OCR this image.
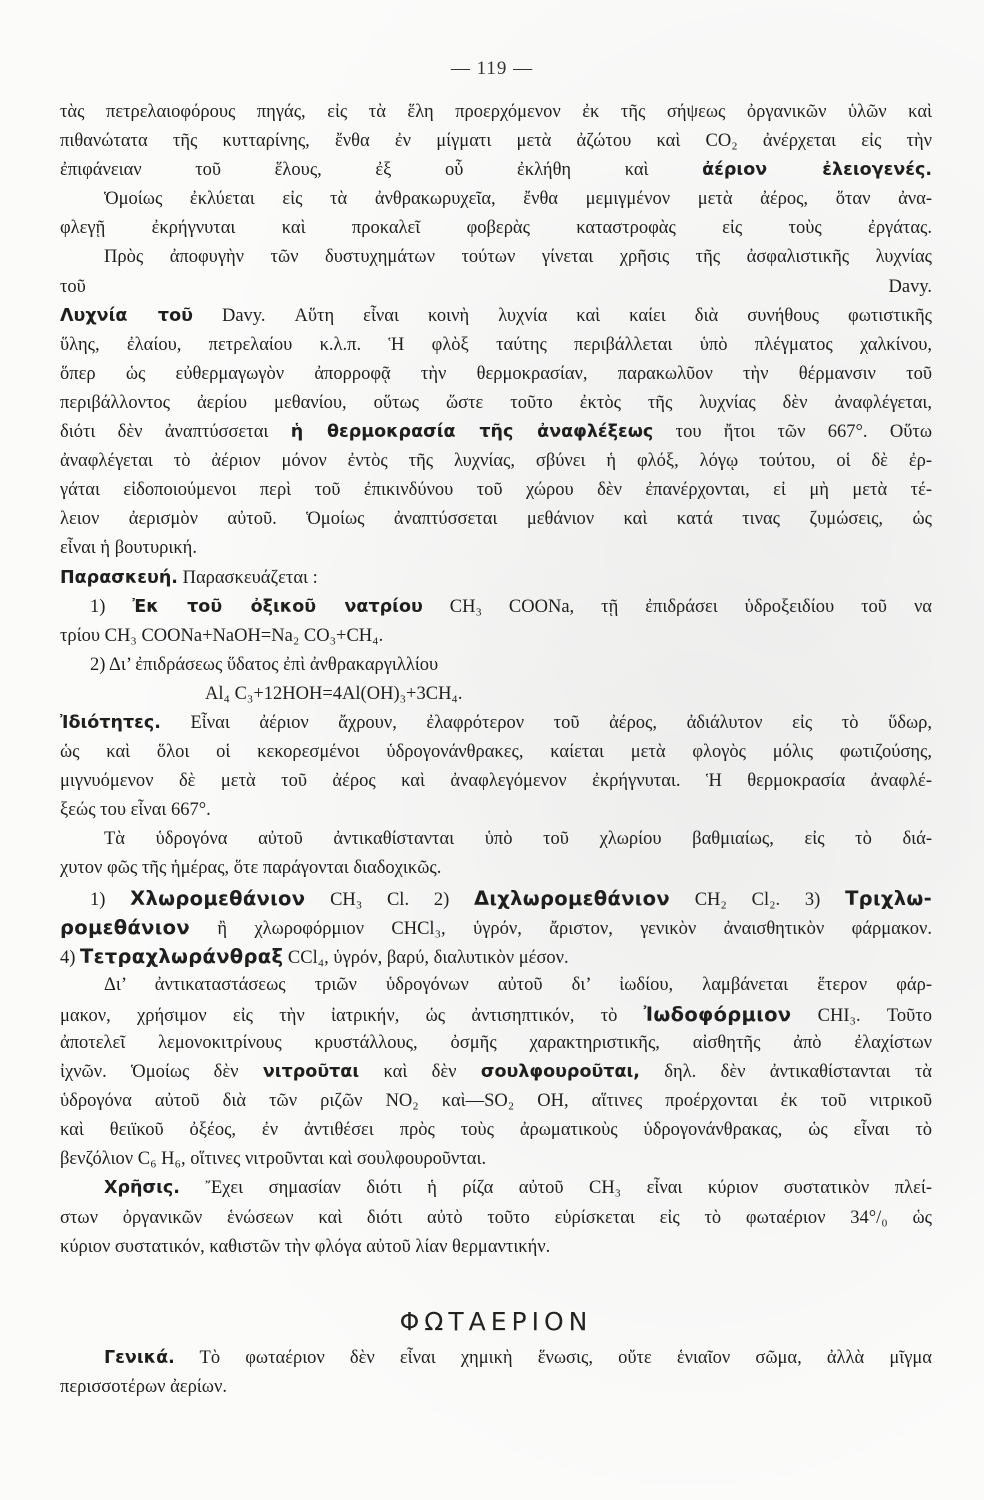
— 119 —
τὰς πετρελαιοφόρους πηγάς, εἰς τὰ ἕλη προερχόμενον ἐκ τῆς σήψεως ὀργανικῶν ὑλῶν καὶ
πιθανώτατα τῆς κυτταρίνης, ἔνθα ἐν μίγματι μετὰ ἀζώτου καὶ CO₂ ἀνέρχεται εἰς τὴν
ἐπιφάνειαν τοῦ ἕλους, ἐξ οὗ ἐκλήθη καὶ ἀέριον ἐλειογενές.
Ὁμοίως ἐκλύεται εἰς τὰ ἀνθρακωρυχεῖα, ἔνθα μεμιγμένον μετὰ ἀέρος, ὅταν ἀνα-
φλεγῇ ἐκρήγνυται καὶ προκαλεῖ φοβερὰς καταστροφὰς εἰς τοὺς ἐργάτας.
Πρὸς ἀποφυγὴν τῶν δυστυχημάτων τούτων γίνεται χρῆσις τῆς ἀσφαλιστικῆς λυχνίας
τοῦ Davy.
Λυχνία τοῦ Davy. Αὕτη εἶναι κοινὴ λυχνία καὶ καίει διὰ συνήθους φωτιστικῆς
ὕλης, ἐλαίου, πετρελαίου κ.λ.π. Ἡ φλὸξ ταύτης περιβάλλεται ὑπὸ πλέγματος χαλκίνου,
ὅπερ ὡς εὐθερμαγωγὸν ἀπορροφᾷ τὴν θερμοκρασίαν, παρακωλῦον τὴν θέρμανσιν τοῦ
περιβάλλοντος ἀερίου μεθανίου, οὕτως ὥστε τοῦτο ἐκτὸς τῆς λυχνίας δὲν ἀναφλέγεται,
διότι δὲν ἀναπτύσσεται ἡ θερμοκρασία τῆς ἀναφλέξεως του ἤτοι τῶν 667°. Οὕτω
ἀναφλέγεται τὸ ἀέριον μόνον ἐντὸς τῆς λυχνίας, σβύνει ἡ φλόξ, λόγῳ τούτου, οἱ δὲ ἐρ-
γάται εἰδοποιούμενοι περὶ τοῦ ἐπικινδύνου τοῦ χώρου δὲν ἐπανέρχονται, εἰ μὴ μετὰ τέ-
λειον ἀερισμὸν αὐτοῦ. Ὁμοίως ἀναπτύσσεται μεθάνιον καὶ κατά τινας ζυμώσεις, ὡς
εἶναι ἡ βουτυρική.
Παρασκευή. Παρασκευάζεται :
1) Ἐκ τοῦ ὀξικοῦ νατρίου CH₃ COONa, τῇ ἐπιδράσει ὑδροξειδίου τοῦ να
τρίου CH₃ COONa+NaOH=Na₂ CO₃+CH₄.
2) Δι’ ἐπιδράσεως ὕδατος ἐπὶ ἀνθρακαργιλλίου
Al₄ C₃+12HOH=4Al(OH)₃+3CH₄.
Ἰδιότητες. Εἶναι ἀέριον ἄχρουν, ἐλαφρότερον τοῦ ἀέρος, ἀδιάλυτον εἰς τὸ ὕδωρ,
ὡς καὶ ὅλοι οἱ κεκορεσμένοι ὑδρογονάνθρακες, καίεται μετὰ φλογὸς μόλις φωτιζούσης,
μιγνυόμενον δὲ μετὰ τοῦ ἀέρος καὶ ἀναφλεγόμενον ἐκρήγνυται. Ἡ θερμοκρασία ἀναφλέ-
ξεώς του εἶναι 667°.
Τὰ ὑδρογόνα αὐτοῦ ἀντικαθίστανται ὑπὸ τοῦ χλωρίου βαθμιαίως, εἰς τὸ διά-
χυτον φῶς τῆς ἡμέρας, ὅτε παράγονται διαδοχικῶς.
1) Χλωρομεθάνιον CH₃ Cl. 2) Διχλωρομεθάνιον CH₂ Cl₂. 3) Τριχλω-
ρομεθάνιον ἢ χλωροφόρμιον CHCl₃, ὑγρόν, ἄριστον, γενικὸν ἀναισθητικὸν φάρμακον.
4) Τετραχλωράνθραξ CCl₄, ὑγρόν, βαρύ, διαλυτικὸν μέσον.
Δι’ ἀντικαταστάσεως τριῶν ὑδρογόνων αὐτοῦ δι’ ἰωδίου, λαμβάνεται ἕτερον φάρ-
μακον, χρήσιμον εἰς τὴν ἰατρικήν, ὡς ἀντισηπτικόν, τὸ Ἰωδοφόρμιον CHI₃. Τοῦτο
ἀποτελεῖ λεμονοκιτρίνους κρυστάλλους, ὀσμῆς χαρακτηριστικῆς, αἰσθητῆς ἀπὸ ἐλαχίστων
ἰχνῶν. Ὁμοίως δὲν νιτροῦται καὶ δὲν σουλφουροῦται, δηλ. δὲν ἀντικαθίστανται τὰ
ὑδρογόνα αὐτοῦ διὰ τῶν ριζῶν NO₂ καὶ—SO₂ OH, αἵτινες προέρχονται ἐκ τοῦ νιτρικοῦ
καὶ θειϊκοῦ ὀξέος, ἐν ἀντιθέσει πρὸς τοὺς ἀρωματικοὺς ὑδρογονάνθρακας, ὡς εἶναι τὸ
βενζόλιον C₆ H₆, οἵτινες νιτροῦνται καὶ σουλφουροῦνται.
Χρῆσις. Ἔχει σημασίαν διότι ἡ ρίζα αὐτοῦ CH₃ εἶναι κύριον συστατικὸν πλεί-
στων ὀργανικῶν ἑνώσεων καὶ διότι αὐτὸ τοῦτο εὑρίσκεται εἰς τὸ φωταέριον 34°/₀ ὡς
κύριον συστατικόν, καθιστῶν τὴν φλόγα αὐτοῦ λίαν θερμαντικήν.
ΦΩΤΑΕΡΙΟΝ
Γενικά. Τὸ φωταέριον δὲν εἶναι χημικὴ ἕνωσις, οὔτε ἑνιαῖον σῶμα, ἀλλὰ μῖγμα
περισσοτέρων ἀερίων.
